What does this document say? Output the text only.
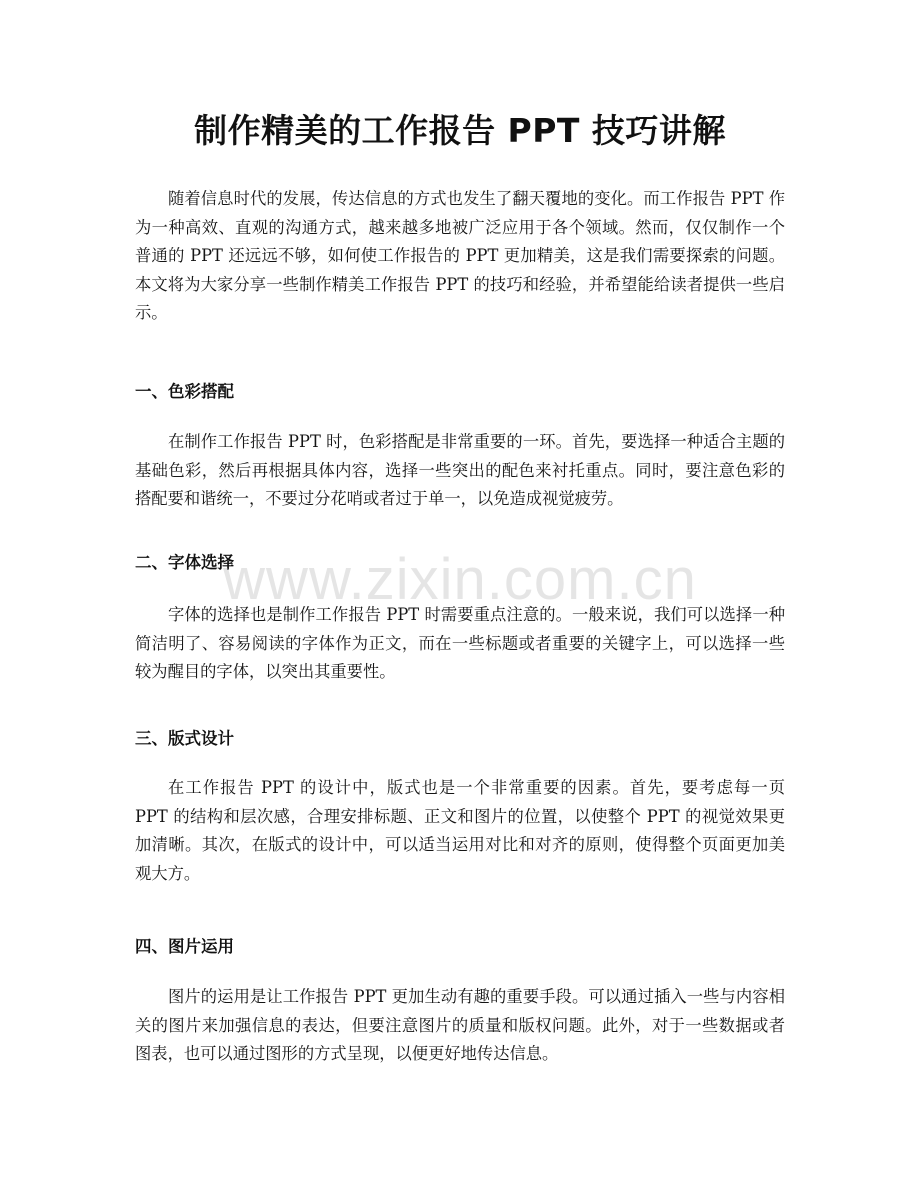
制作精美的工作报告 PPT 技巧讲解

随着信息时代的发展，传达信息的方式也发生了翻天覆地的变化。而工作报告 PPT 作为一种高效、直观的沟通方式，越来越多地被广泛应用于各个领域。然而，仅仅制作一个普通的 PPT 还远远不够，如何使工作报告的 PPT 更加精美，这是我们需要探索的问题。本文将为大家分享一些制作精美工作报告 PPT 的技巧和经验，并希望能给读者提供一些启示。

一、色彩搭配

在制作工作报告 PPT 时，色彩搭配是非常重要的一环。首先，要选择一种适合主题的基础色彩，然后再根据具体内容，选择一些突出的配色来衬托重点。同时，要注意色彩的搭配要和谐统一，不要过分花哨或者过于单一，以免造成视觉疲劳。

二、字体选择

字体的选择也是制作工作报告 PPT 时需要重点注意的。一般来说，我们可以选择一种简洁明了、容易阅读的字体作为正文，而在一些标题或者重要的关键字上，可以选择一些较为醒目的字体，以突出其重要性。

三、版式设计

在工作报告 PPT 的设计中，版式也是一个非常重要的因素。首先，要考虑每一页 PPT 的结构和层次感，合理安排标题、正文和图片的位置，以使整个 PPT 的视觉效果更加清晰。其次，在版式的设计中，可以适当运用对比和对齐的原则，使得整个页面更加美观大方。

四、图片运用

图片的运用是让工作报告 PPT 更加生动有趣的重要手段。可以通过插入一些与内容相关的图片来加强信息的表达，但要注意图片的质量和版权问题。此外，对于一些数据或者图表，也可以通过图形的方式呈现，以便更好地传达信息。

www.zixin.com.cn
